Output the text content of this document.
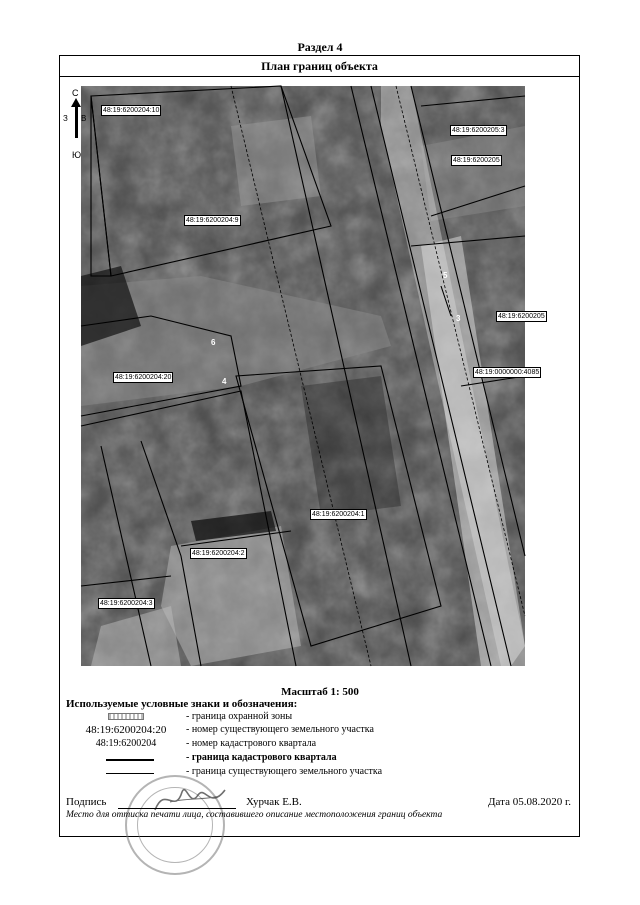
Раздел 4
План границ объекта
48:19:6200204:10
48:19:6200204:9
48:19:6200205:3
48:19:6200205
48:19:6200205
48:19:0000000:4085
48:19:6200204:20
48:19:6200204:1
48:19:6200204:2
48:19:6200204:3
5
3
6
4
С
З В
Ю
Масштаб 1: 500
Используемые условные знаки и обозначения:
- граница охранной зоны
48:19:6200204:20	- номер существующего земельного участка
48:19:6200204	- номер кадастрового квартала
- граница кадастрового квартала
- граница существующего земельного участка
Подпись	Хурчак Е.В.	Дата 05.08.2020 г.
Место для оттиска печати лица, составившего описание местоположения границ объекта
